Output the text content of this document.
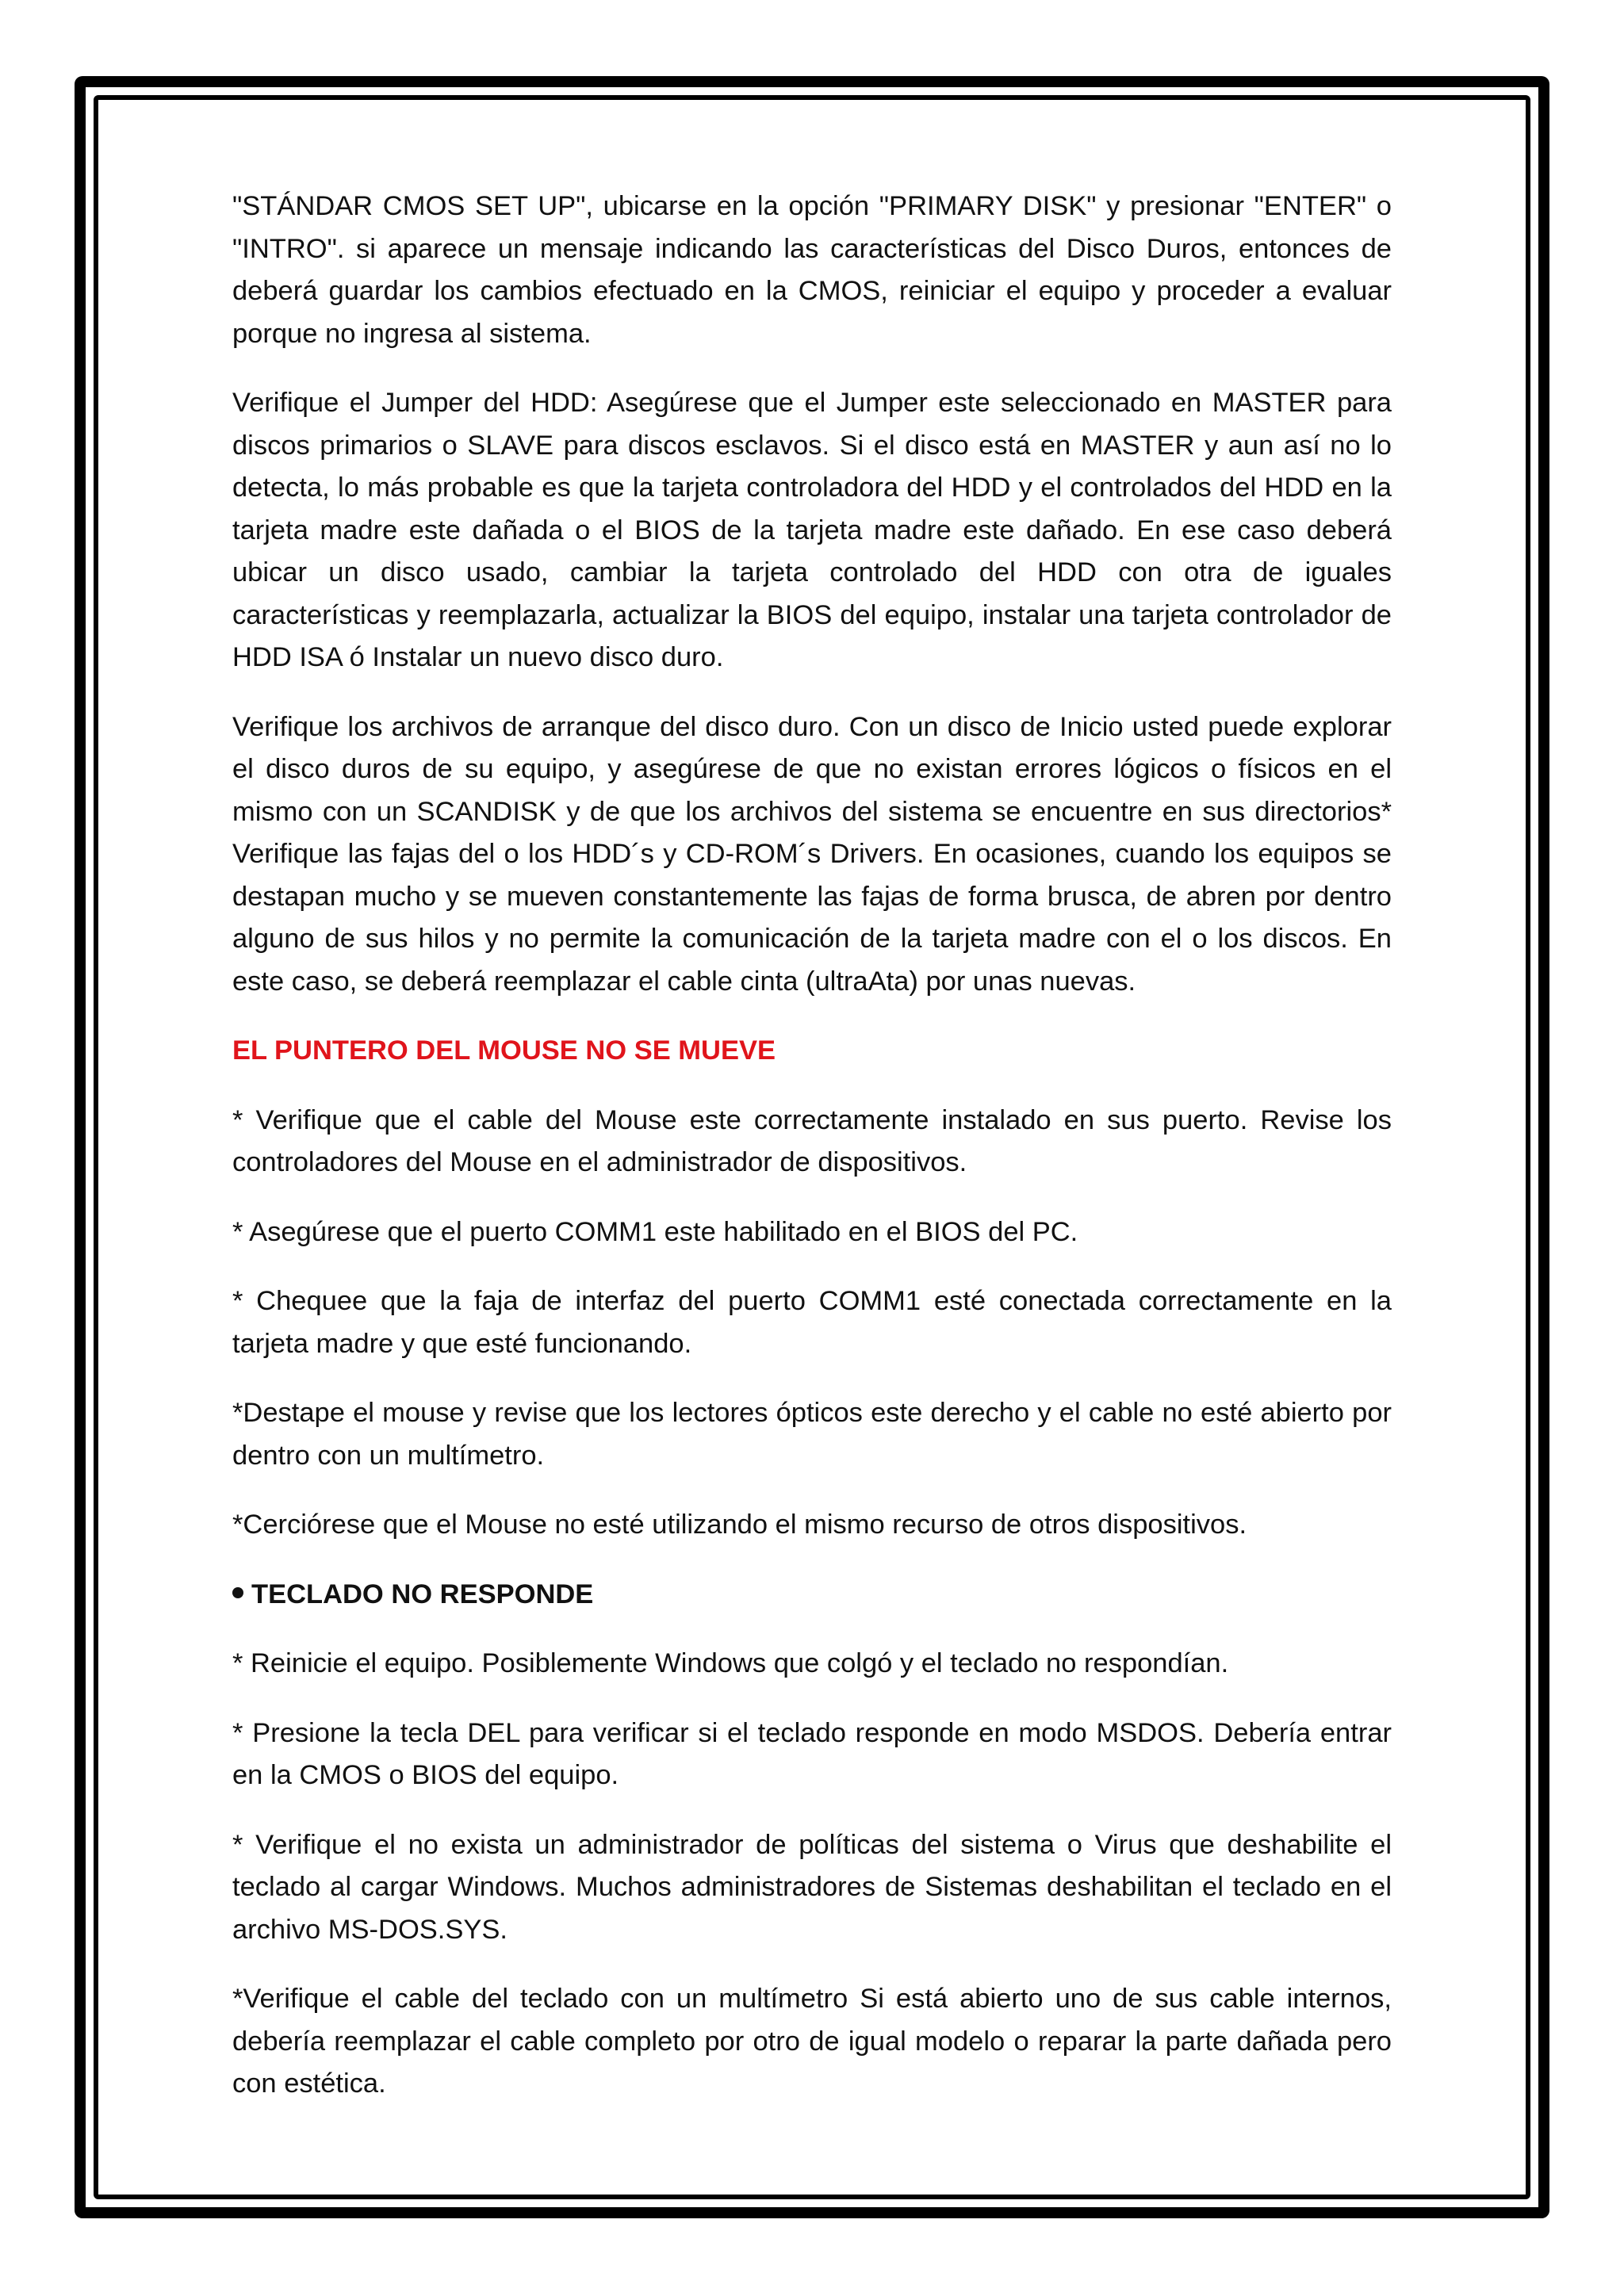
"STÁNDAR CMOS SET UP", ubicarse en la opción "PRIMARY DISK" y presionar "ENTER" o "INTRO". si aparece un mensaje indicando las características del Disco Duros, entonces de deberá guardar los cambios efectuado en la CMOS, reiniciar el equipo y proceder a evaluar porque no ingresa al sistema.

Verifique el Jumper del HDD: Asegúrese que el Jumper este seleccionado en MASTER para discos primarios o SLAVE para discos esclavos. Si el disco está en MASTER y aun así no lo detecta, lo más probable es que la tarjeta controladora del HDD y el controlados del HDD en la tarjeta madre este dañada o el BIOS de la tarjeta madre este dañado. En ese caso deberá ubicar un disco usado, cambiar la tarjeta controlado del HDD con otra de iguales características y reemplazarla, actualizar la BIOS del equipo, instalar una tarjeta controlador de HDD ISA ó Instalar un nuevo disco duro.

Verifique los archivos de arranque del disco duro. Con un disco de Inicio usted puede explorar el disco duros de su equipo, y asegúrese de que no existan errores lógicos o físicos en el mismo con un SCANDISK y de que los archivos del sistema se encuentre en sus directorios* Verifique las fajas del o los HDD´s y CD-ROM´s Drivers. En ocasiones, cuando los equipos se destapan mucho y se mueven constantemente las fajas de forma brusca, de abren por dentro alguno de sus hilos y no permite la comunicación de la tarjeta madre con el o los discos. En este caso, se deberá reemplazar el cable cinta (ultraAta) por unas nuevas.

EL PUNTERO DEL MOUSE NO SE MUEVE

* Verifique que el cable del Mouse este correctamente instalado en sus puerto. Revise los controladores del Mouse en el administrador de dispositivos.

* Asegúrese que el puerto COMM1 este habilitado en el BIOS del PC.

* Chequee que la faja de interfaz del puerto COMM1 esté conectada correctamente en la tarjeta madre y que esté funcionando.

*Destape el mouse y revise que los lectores ópticos este derecho y el cable no esté abierto por dentro con un multímetro.

*Cerciórese que el Mouse no esté utilizando el mismo recurso de otros dispositivos.

TECLADO NO RESPONDE

* Reinicie el equipo. Posiblemente Windows que colgó y el teclado no respondían.

* Presione la tecla DEL para verificar si el teclado responde en modo MSDOS. Debería entrar en la CMOS o BIOS del equipo.

* Verifique el no exista un administrador de políticas del sistema o Virus que deshabilite el teclado al cargar Windows. Muchos administradores de Sistemas deshabilitan el teclado en el archivo MS-DOS.SYS.

*Verifique el cable del teclado con un multímetro Si está abierto uno de sus cable internos, debería reemplazar el cable completo por otro de igual modelo o reparar la parte dañada pero con estética.
